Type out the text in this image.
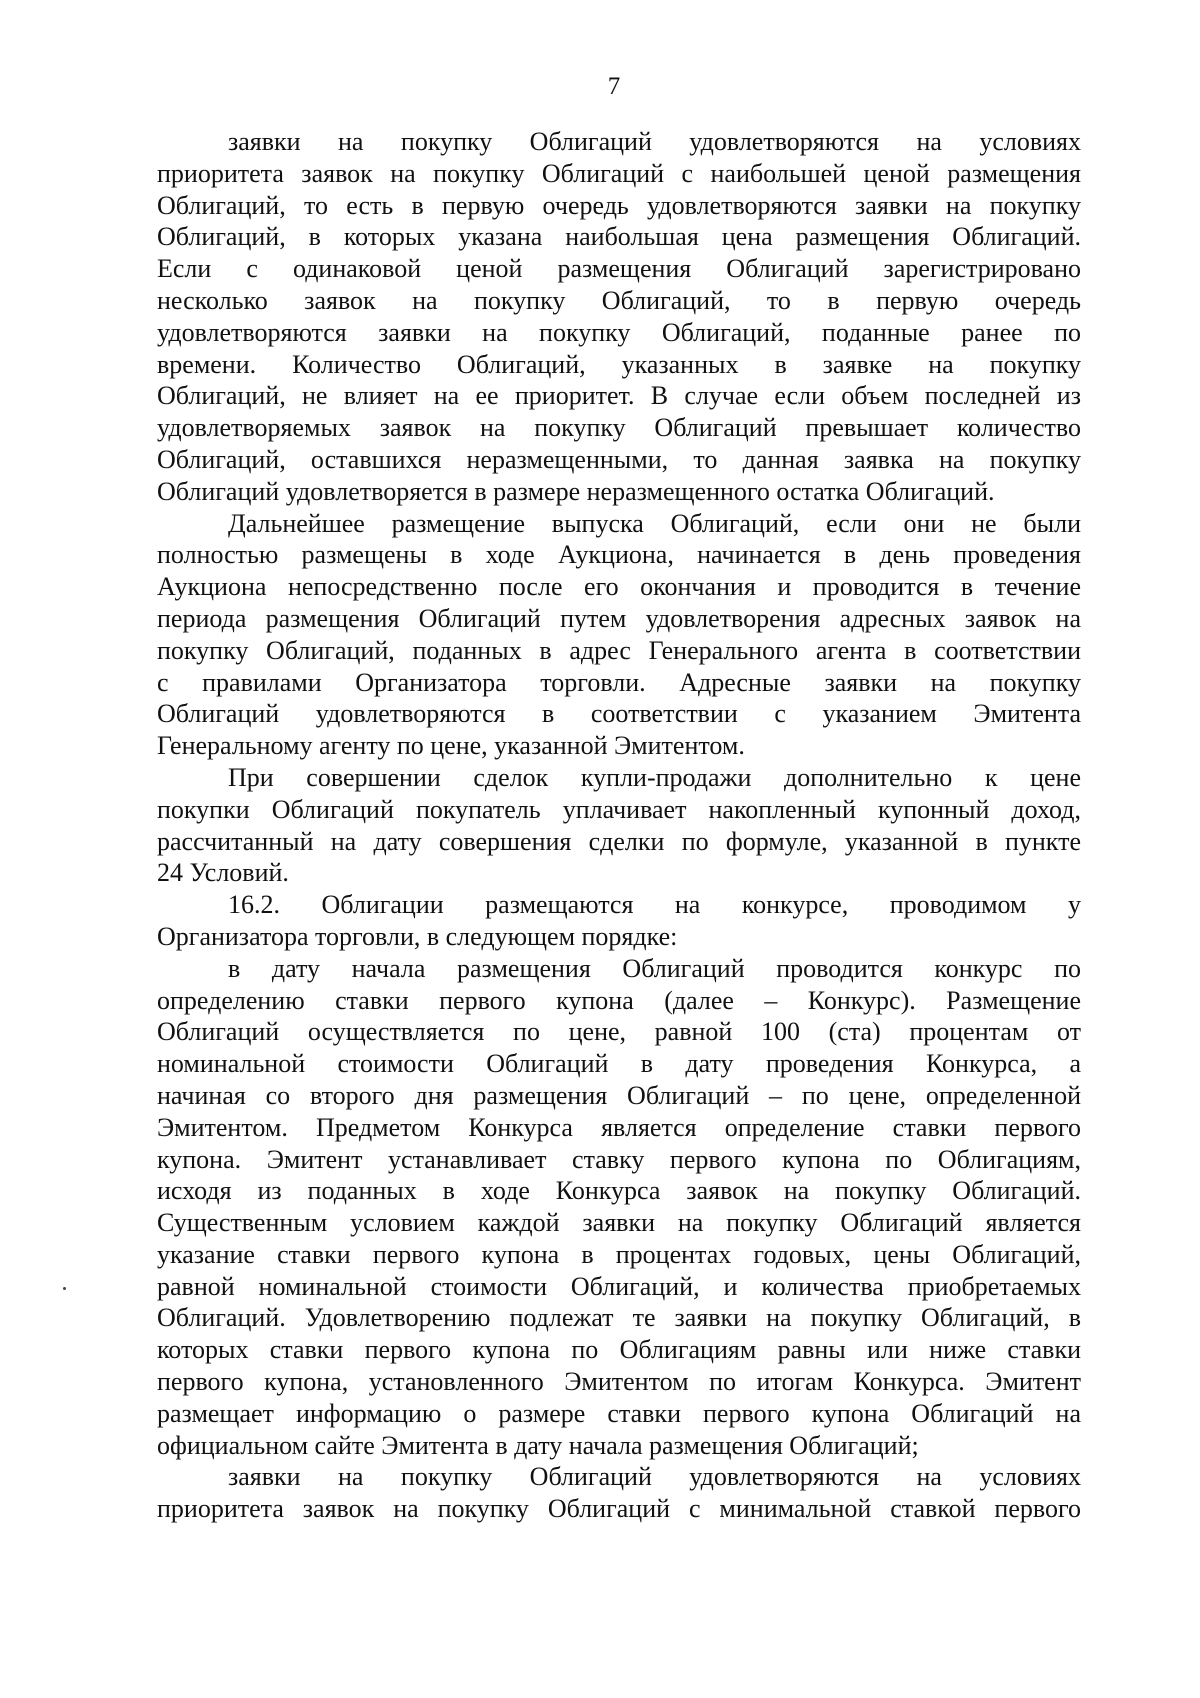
7
заявки на покупку Облигаций удовлетворяются на условиях
приоритета заявок на покупку Облигаций с наибольшей ценой размещения
Облигаций, то есть в первую очередь удовлетворяются заявки на покупку
Облигаций, в которых указана наибольшая цена размещения Облигаций.
Если с одинаковой ценой размещения Облигаций зарегистрировано
несколько заявок на покупку Облигаций, то в первую очередь
удовлетворяются заявки на покупку Облигаций, поданные ранее по
времени. Количество Облигаций, указанных в заявке на покупку
Облигаций, не влияет на ее приоритет. В случае если объем последней из
удовлетворяемых заявок на покупку Облигаций превышает количество
Облигаций, оставшихся неразмещенными, то данная заявка на покупку
Облигаций удовлетворяется в размере неразмещенного остатка Облигаций.
Дальнейшее размещение выпуска Облигаций, если они не были
полностью размещены в ходе Аукциона, начинается в день проведения
Аукциона непосредственно после его окончания и проводится в течение
периода размещения Облигаций путем удовлетворения адресных заявок на
покупку Облигаций, поданных в адрес Генерального агента в соответствии
с правилами Организатора торговли. Адресные заявки на покупку
Облигаций удовлетворяются в соответствии с указанием Эмитента
Генеральному агенту по цене, указанной Эмитентом.
При совершении сделок купли-продажи дополнительно к цене
покупки Облигаций покупатель уплачивает накопленный купонный доход,
рассчитанный на дату совершения сделки по формуле, указанной в пункте
24 Условий.
16.2. Облигации размещаются на конкурсе, проводимом у
Организатора торговли, в следующем порядке:
в дату начала размещения Облигаций проводится конкурс по
определению ставки первого купона (далее – Конкурс). Размещение
Облигаций осуществляется по цене, равной 100 (ста) процентам от
номинальной стоимости Облигаций в дату проведения Конкурса, а
начиная со второго дня размещения Облигаций – по цене, определенной
Эмитентом. Предметом Конкурса является определение ставки первого
купона. Эмитент устанавливает ставку первого купона по Облигациям,
исходя из поданных в ходе Конкурса заявок на покупку Облигаций.
Существенным условием каждой заявки на покупку Облигаций является
указание ставки первого купона в процентах годовых, цены Облигаций,
равной номинальной стоимости Облигаций, и количества приобретаемых
Облигаций. Удовлетворению подлежат те заявки на покупку Облигаций, в
которых ставки первого купона по Облигациям равны или ниже ставки
первого купона, установленного Эмитентом по итогам Конкурса. Эмитент
размещает информацию о размере ставки первого купона Облигаций на
официальном сайте Эмитента в дату начала размещения Облигаций;
заявки на покупку Облигаций удовлетворяются на условиях
приоритета заявок на покупку Облигаций с минимальной ставкой первого
